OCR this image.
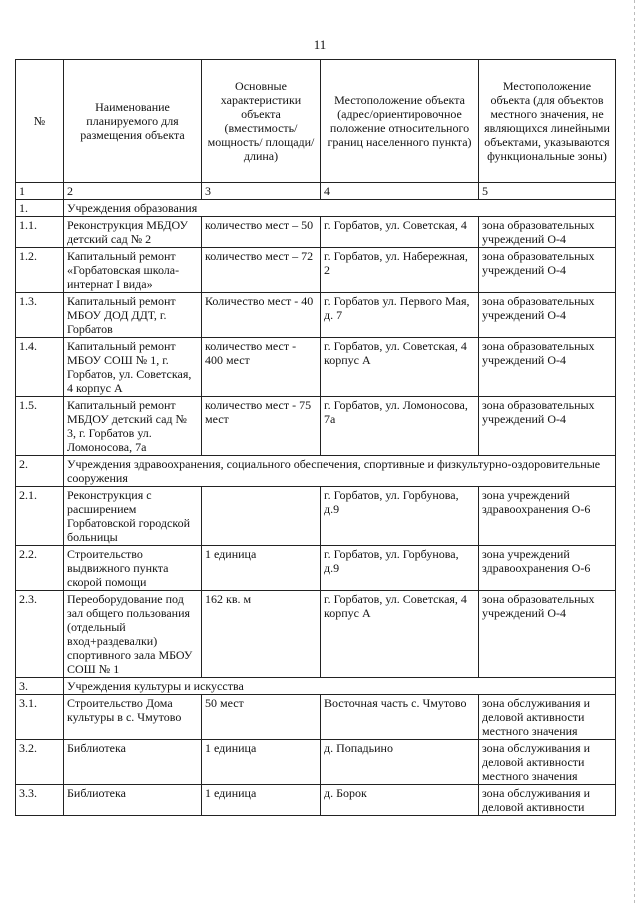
11
№	Наименование планируемого для размещения объекта	Основные характеристики объекта (вместимость/ мощность/ площади/ длина)	Местоположение объекта (адрес/ориентировочное положение относительного границ населенного пункта)	Местоположение объекта (для объектов местного значения, не являющихся линейными объектами, указываются функциональные зоны)
1	2	3	4	5
1.	Учреждения образования			
1.1.	Реконструкция МБДОУ детский сад № 2	количество мест – 50	г. Горбатов, ул. Советская, 4	зона образовательных учреждений О-4
1.2.	Капитальный ремонт «Горбатовская школа-интернат I вида»	количество мест – 72	г. Горбатов, ул. Набережная, 2	зона образовательных учреждений О-4
1.3.	Капитальный ремонт МБОУ ДОД ДДТ, г. Горбатов	Количество мест - 40	г. Горбатов ул. Первого Мая, д. 7	зона образовательных учреждений О-4
1.4.	Капитальный ремонт МБОУ СОШ № 1, г. Горбатов, ул. Советская, 4 корпус А	количество мест - 400 мест	г. Горбатов, ул. Советская, 4 корпус А	зона образовательных учреждений О-4
1.5.	Капитальный ремонт МБДОУ детский сад № 3, г. Горбатов ул. Ломоносова, 7а	количество мест - 75 мест	г. Горбатов, ул. Ломоносова, 7а	зона образовательных учреждений О-4
2.	Учреждения здравоохранения, социального обеспечения, спортивные и физкультурно-оздоровительные сооружения			
2.1.	Реконструкция с расширением Горбатовской городской больницы		г. Горбатов, ул. Горбунова, д.9	зона учреждений здравоохранения О-6
2.2.	Строительство выдвижного пункта скорой помощи	1 единица	г. Горбатов, ул. Горбунова, д.9	зона учреждений здравоохранения О-6
2.3.	Переоборудование под зал общего пользования (отдельный вход+раздевалки) спортивного зала МБОУ СОШ № 1	162 кв. м	г. Горбатов, ул. Советская, 4 корпус А	зона образовательных учреждений О-4
3.	Учреждения культуры и искусства			
3.1.	Строительство Дома культуры в с. Чмутово	50 мест	Восточная часть с. Чмутово	зона обслуживания и деловой активности местного значения
3.2.	Библиотека	1 единица	д. Попадьино	зона обслуживания и деловой активности местного значения
3.3.	Библиотека	1 единица	д. Борок	зона обслуживания и деловой активности
